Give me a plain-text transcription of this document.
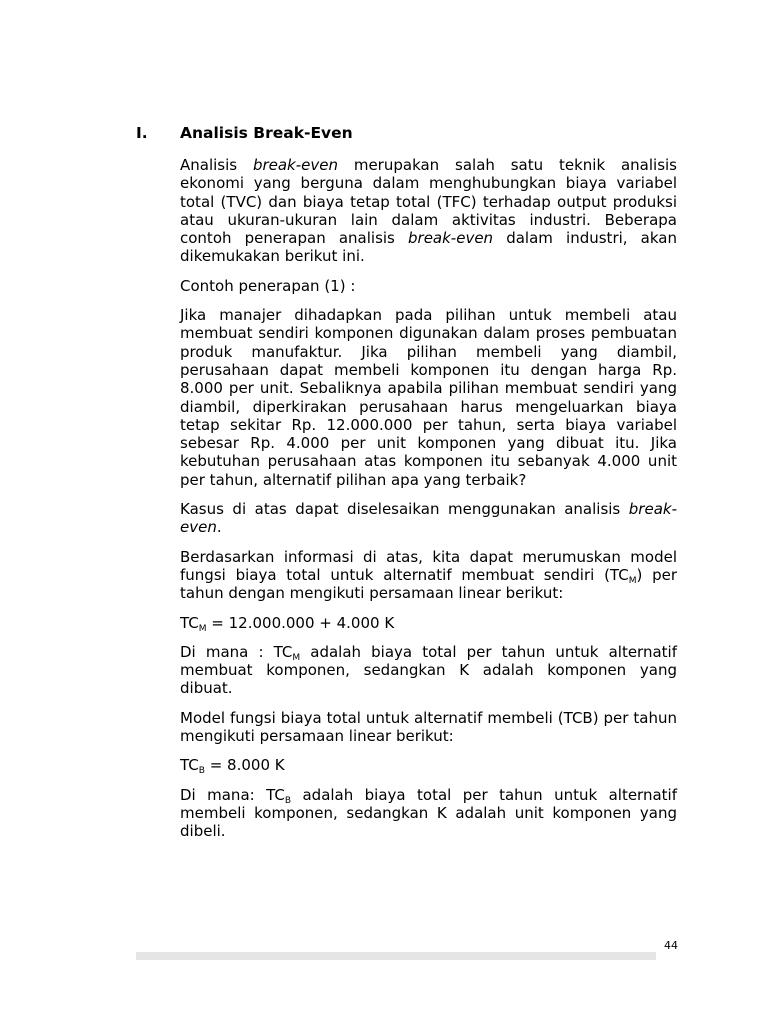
I.	Analisis Break-Even

Analisis break-even merupakan salah satu teknik analisis ekonomi yang berguna dalam menghubungkan biaya variabel total (TVC) dan biaya tetap total (TFC) terhadap output produksi atau ukuran-ukuran lain dalam aktivitas industri. Beberapa contoh penerapan analisis break-even dalam industri, akan dikemukakan berikut ini.

Contoh penerapan (1) :

Jika manajer dihadapkan pada pilihan untuk membeli atau membuat sendiri komponen digunakan dalam proses pembuatan produk manufaktur. Jika pilihan membeli yang diambil, perusahaan dapat membeli komponen itu dengan harga Rp. 8.000 per unit. Sebaliknya apabila pilihan membuat sendiri yang diambil, diperkirakan perusahaan harus mengeluarkan biaya tetap sekitar Rp. 12.000.000 per tahun, serta biaya variabel sebesar Rp. 4.000 per unit komponen yang dibuat itu. Jika kebutuhan perusahaan atas komponen itu sebanyak 4.000 unit per tahun, alternatif pilihan apa yang terbaik?

Kasus di atas dapat diselesaikan menggunakan analisis break-even.

Berdasarkan informasi di atas, kita dapat merumuskan model fungsi biaya total untuk alternatif membuat sendiri $(TC_M)$ per tahun dengan mengikuti persamaan linear berikut:

$TC_M = 12.000.000 + 4.000$ K

Di mana : $TC_M$ adalah biaya total per tahun untuk alternatif membuat komponen, sedangkan K adalah komponen yang dibuat.

Model fungsi biaya total untuk alternatif membeli (TCB) per tahun mengikuti persamaan linear berikut:

$TC_B = 8.000$ K

Di mana: $TC_B$ adalah biaya total per tahun untuk alternatif membeli komponen, sedangkan K adalah unit komponen yang dibeli.

44
